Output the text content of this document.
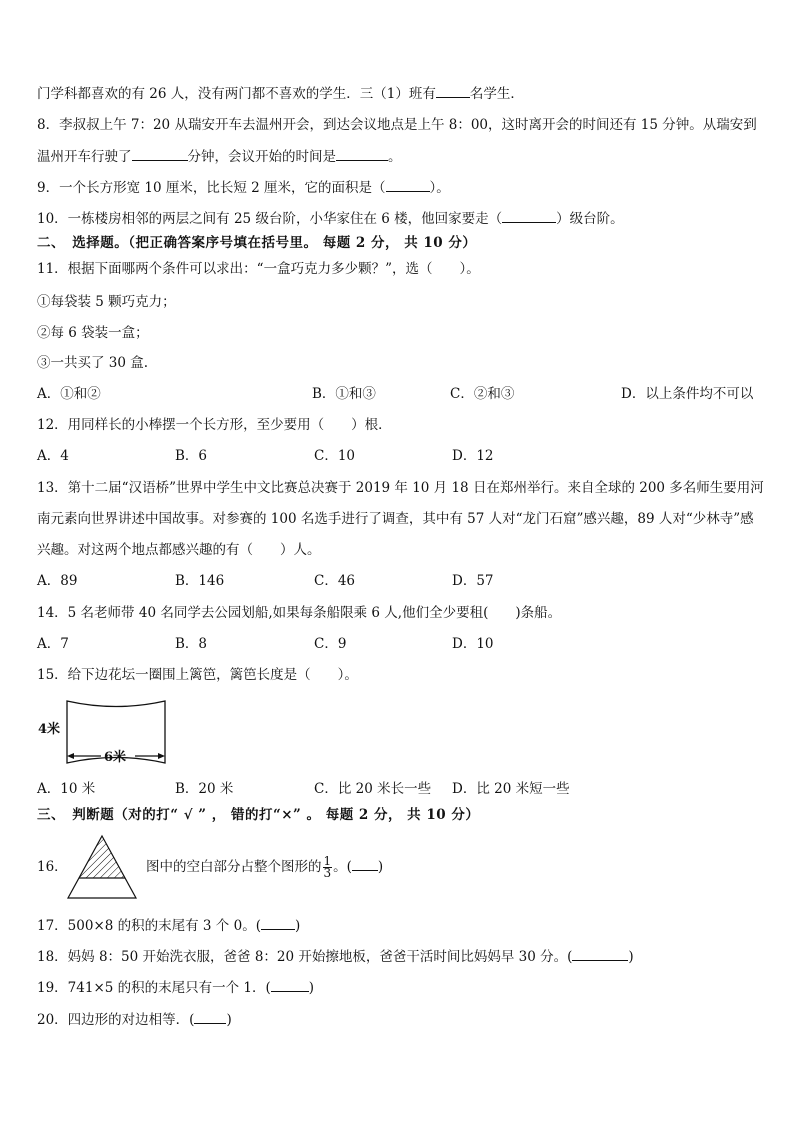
门学科都喜欢的有 26 人，没有两门都不喜欢的学生．三（1）班有	名学生．
8．李叔叔上午 7：20 从瑞安开车去温州开会，到达会议地点是上午 8：00，这时离开会的时间还有 15 分钟。从瑞安到
温州开车行驶了	分钟，会议开始的时间是	。
9．一个长方形宽 10 厘米，比长短 2 厘米，它的面积是（	）。
10．一栋楼房相邻的两层之间有 25 级台阶，小华家住在 6 楼，他回家要走（	）级台阶。
二、　选择题。（把正确答案序号填在括号里。 每题 2 分， 共 10 分）
11．根据下面哪两个条件可以求出：“一盒巧克力多少颗？”，选（　　）。
①每袋装 5 颗巧克力；
②每 6 袋装一盒；
③一共买了 30 盒.
A．①和②	B．①和③	C．②和③	D．以上条件均不可以
12．用同样长的小棒摆一个长方形，至少要用（　　）根．
A．4	B．6	C．10	D．12
13．第十二届“汉语桥”世界中学生中文比赛总决赛于 2019 年 10 月 18 日在郑州举行。来自全球的 200 多名师生要用河
南元素向世界讲述中国故事。对参赛的 100 名选手进行了调查，其中有 57 人对“龙门石窟”感兴趣，89 人对“少林寺”感
兴趣。对这两个地点都感兴趣的有（　　）人。
A．89	B．146	C．46	D．57
14．5 名老师带 40 名同学去公园划船,如果每条船限乘 6 人,他们全少要租(　　)条船。
A．7	B．8	C．9	D．10
15．给下边花坛一圈围上篱笆，篱笆长度是（　　）。
4米
6米
A．10 米	B．20 米	C．比 20 米长一些 D．比 20 米短一些
三、　判断题（对的打“ √ ” ， 错的打“×” 。 每题 2 分， 共 10 分）
16．	图中的空白部分占整个图形的 $\frac{1}{3}$ 。( )
17．500×8 的积的末尾有 3 个 0。(	)
18．妈妈 8：50 开始洗衣服，爸爸 8：20 开始擦地板，爸爸干活时间比妈妈早 30 分。(	)
19．741×5 的积的末尾只有一个 1．(	)
20．四边形的对边相等．( )
